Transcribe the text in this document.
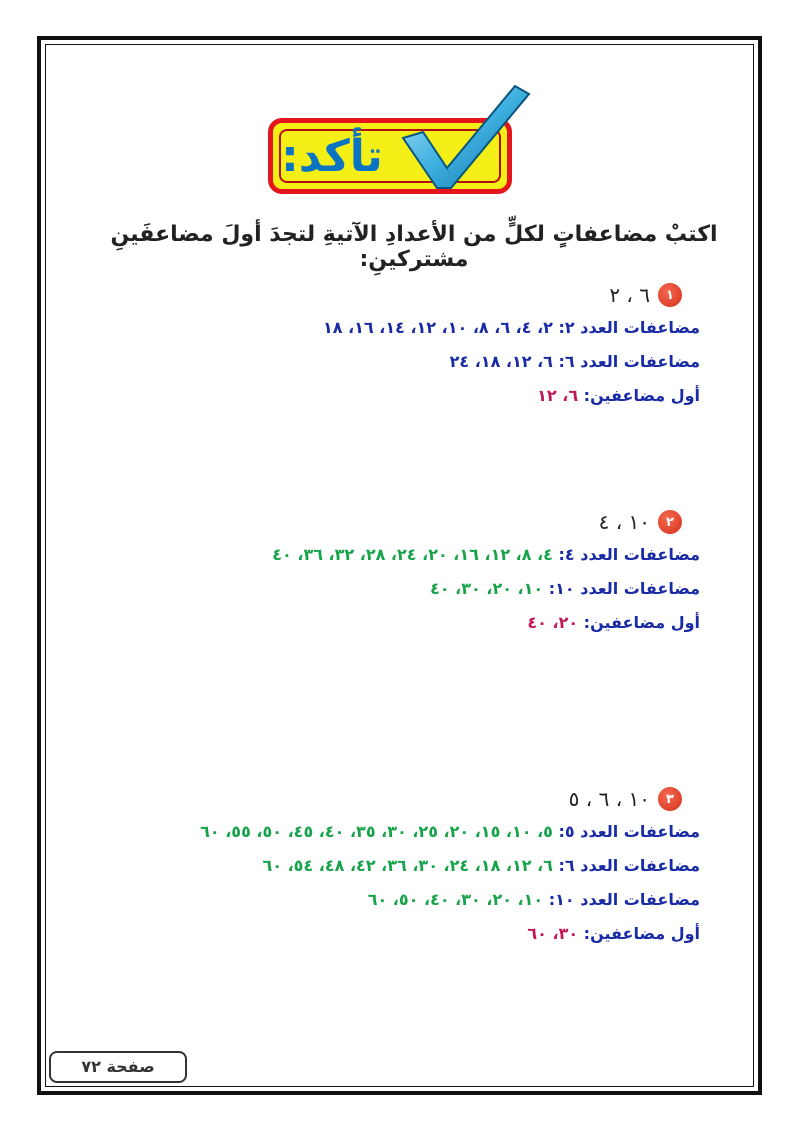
تأكد:
اكتبْ مضاعفاتٍ لكلٍّ من الأعدادِ الآتيةِ لتجدَ أولَ مضاعفَينِ مشتركينِ:
١
٦ ، ٢
مضاعفات العدد ٢: ٢، ٤، ٦، ٨، ١٠، ١٢، ١٤، ١٦، ١٨
مضاعفات العدد ٦: ٦، ١٢، ١٨، ٢٤
أول مضاعفين: ٦، ١٢
٢
١٠ ، ٤
مضاعفات العدد ٤: ٤، ٨، ١٢، ١٦، ٢٠، ٢٤، ٢٨، ٣٢، ٣٦، ٤٠
مضاعفات العدد ١٠: ١٠، ٢٠، ٣٠، ٤٠
أول مضاعفين: ٢٠، ٤٠
٣
١٠ ، ٦ ، ٥
مضاعفات العدد ٥: ٥، ١٠، ١٥، ٢٠، ٢٥، ٣٠، ٣٥، ٤٠، ٤٥، ٥٠، ٥٥، ٦٠
مضاعفات العدد ٦: ٦، ١٢، ١٨، ٢٤، ٣٠، ٣٦، ٤٢، ٤٨، ٥٤، ٦٠
مضاعفات العدد ١٠: ١٠، ٢٠، ٣٠، ٤٠، ٥٠، ٦٠
أول مضاعفين: ٣٠، ٦٠
صفحة ٧٢
